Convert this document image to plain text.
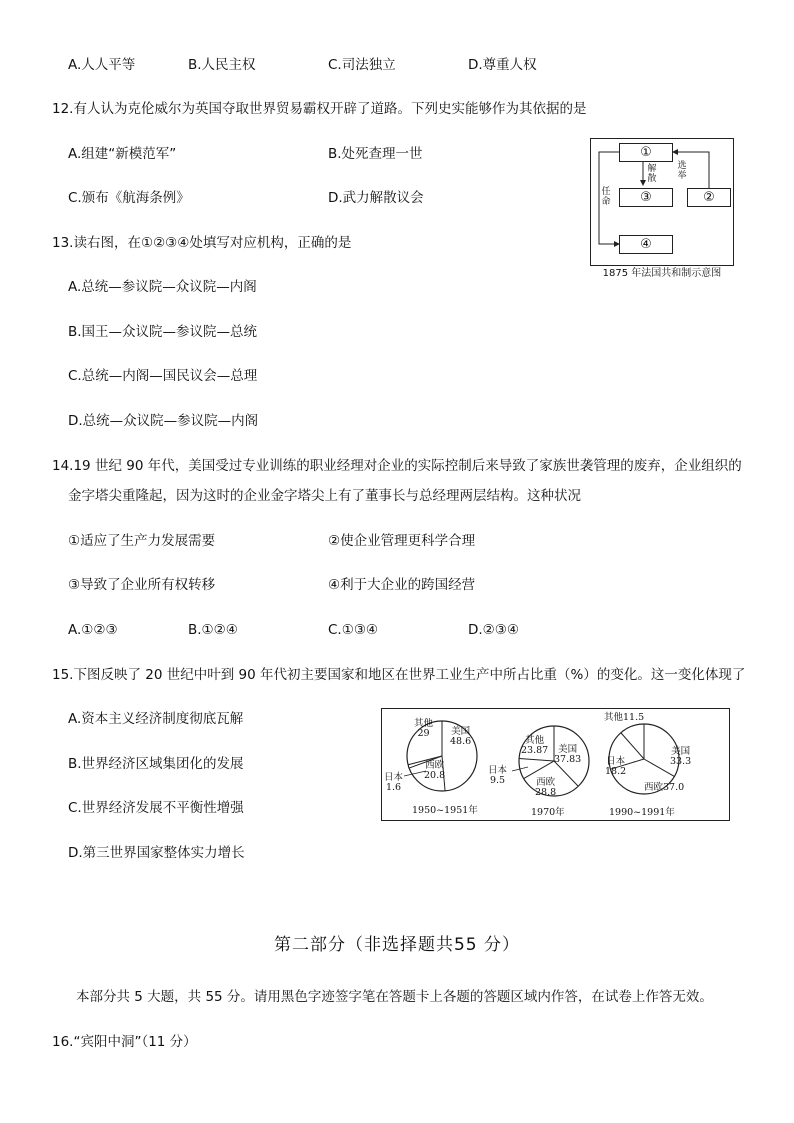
A.人人平等	B.人民主权	C.司法独立	D.尊重人权
12.有人认为克伦威尔为英国夺取世界贸易霸权开辟了道路。下列史实能够作为其依据的是
A.组建“新模范军”	B.处死查理一世
C.颁布《航海条例》	D.武力解散议会
①
③	②
④
解散
选举
任命
1875 年法国共和制示意图
13.读右图，在①②③④处填写对应机构，正确的是
A.总统—参议院—众议院—内阁
B.国王—众议院—参议院—总统
C.总统—内阁—国民议会—总理
D.总统—众议院—参议院—内阁
14.19 世纪 90 年代，美国受过专业训练的职业经理对企业的实际控制后来导致了家族世袭管理的废弃，企业组织的
金字塔尖重隆起，因为这时的企业金字塔尖上有了董事长与总经理两层结构。这种状况
①适应了生产力发展需要	②使企业管理更科学合理
③导致了企业所有权转移	④利于大企业的跨国经营
A.①②③	B.①②④	C.①③④	D.②③④
15.下图反映了 20 世纪中叶到 90 年代初主要国家和地区在世界工业生产中所占比重（%）的变化。这一变化体现了
A.资本主义经济制度彻底瓦解
B.世界经济区域集团化的发展
C.世界经济发展不平衡性增强
D.第三世界国家整体实力增长
其他
29	美国
48.6
西欧
20.8
日本
1.6
1950~1951年
其他
23.87	美国
37.83
西欧
28.8
日本
9.5
1970年
其他11.5
美国
33.3
西欧37.0
日本
18.2
1990~1991年
第二部分（非选择题共55 分）
本部分共 5 大题，共 55 分。请用黑色字迹签字笔在答题卡上各题的答题区域内作答，在试卷上作答无效。
16.“宾阳中洞”（11 分）
